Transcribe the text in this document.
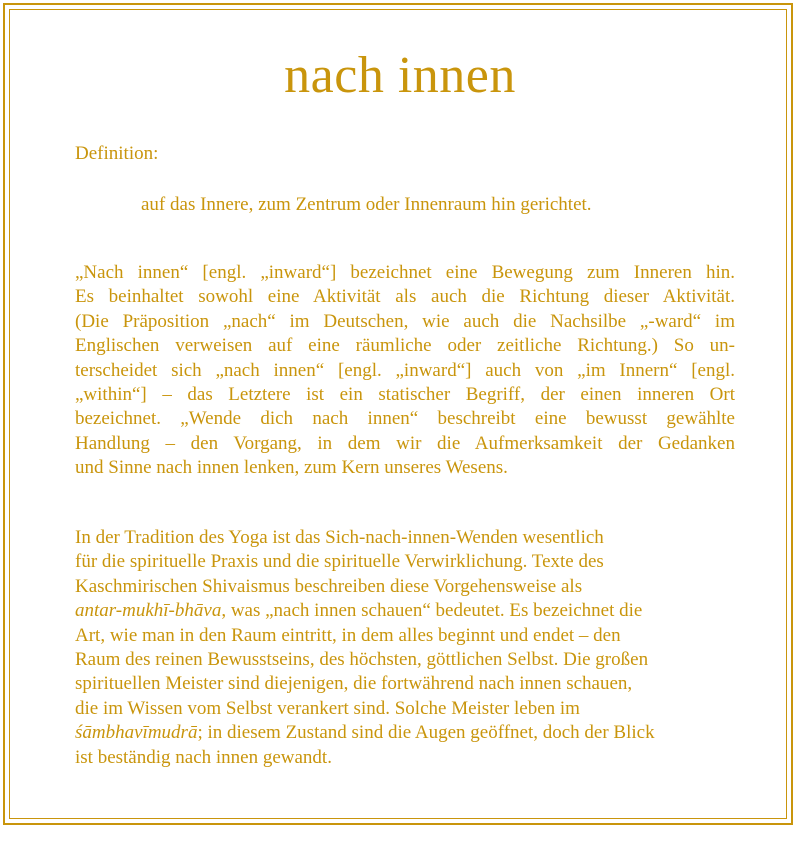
nach innen
Definition:
auf das Innere, zum Zentrum oder Innenraum hin gerichtet.
„Nach innen“ [engl. „inward“] bezeichnet eine Bewegung zum Inneren hin.
Es beinhaltet sowohl eine Aktivität als auch die Richtung dieser Aktivität.
(Die Präposition „nach“ im Deutschen, wie auch die Nachsilbe „-ward“ im
Englischen verweisen auf eine räumliche oder zeitliche Richtung.) So un-
terscheidet sich „nach innen“ [engl. „inward“] auch von „im Innern“ [engl.
„within“] – das Letztere ist ein statischer Begriff, der einen inneren Ort
bezeichnet. „Wende dich nach innen“ beschreibt eine bewusst gewählte
Handlung – den Vorgang, in dem wir die Aufmerksamkeit der Gedanken
und Sinne nach innen lenken, zum Kern unseres Wesens.
In der Tradition des Yoga ist das Sich-nach-innen-Wenden wesentlich
für die spirituelle Praxis und die spirituelle Verwirklichung. Texte des
Kaschmirischen Shivaismus beschreiben diese Vorgehensweise als
antar-mukhī-bhāva, was „nach innen schauen“ bedeutet. Es bezeichnet die
Art, wie man in den Raum eintritt, in dem alles beginnt und endet – den
Raum des reinen Bewusstseins, des höchsten, göttlichen Selbst. Die großen
spirituellen Meister sind diejenigen, die fortwährend nach innen schauen,
die im Wissen vom Selbst verankert sind. Solche Meister leben im
śāmbhavīmudrā; in diesem Zustand sind die Augen geöffnet, doch der Blick
ist beständig nach innen gewandt.
